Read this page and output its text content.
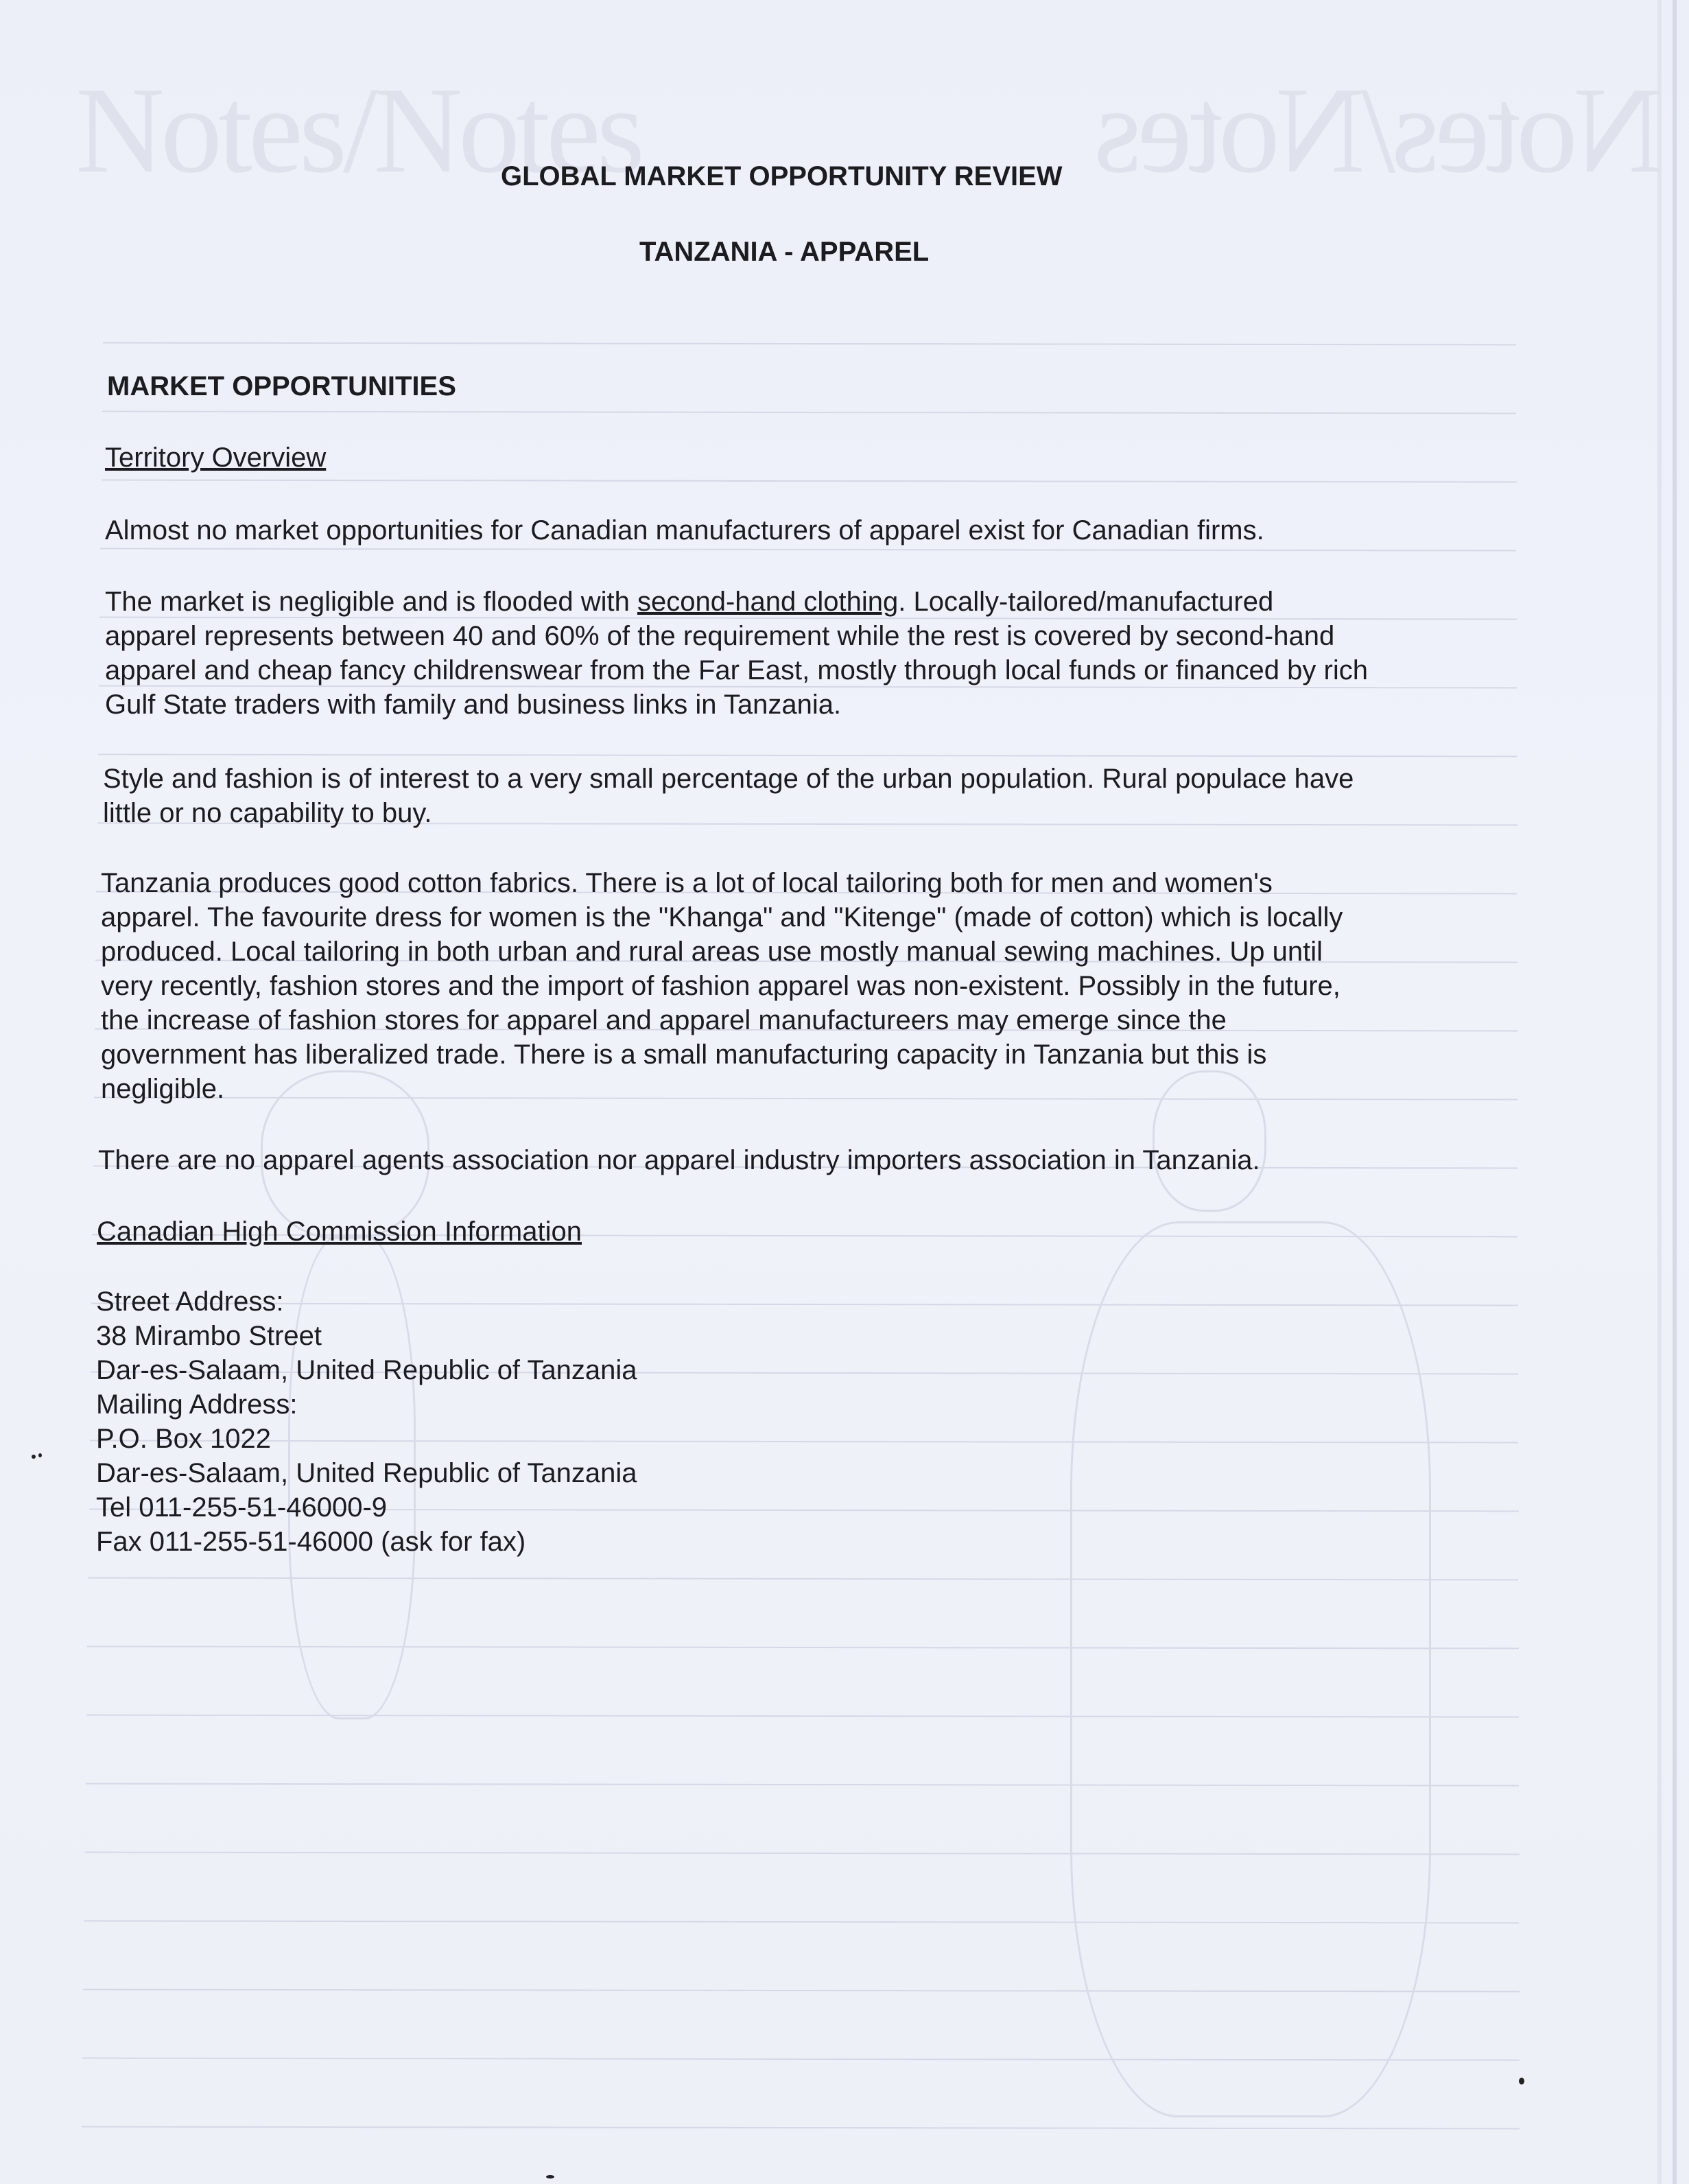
Notes/Notes	Notes/Notes
GLOBAL MARKET OPPORTUNITY REVIEW
TANZANIA - APPAREL
MARKET OPPORTUNITIES
Territory Overview
Almost no market opportunities for Canadian manufacturers of apparel exist for Canadian firms.
The market is negligible and is flooded with second-hand clothing. Locally-tailored/manufactured
apparel represents between 40 and 60% of the requirement while the rest is covered by second-hand
apparel and cheap fancy childrenswear from the Far East, mostly through local funds or financed by rich
Gulf State traders with family and business links in Tanzania.
Style and fashion is of interest to a very small percentage of the urban population. Rural populace have
little or no capability to buy.
Tanzania produces good cotton fabrics. There is a lot of local tailoring both for men and women's
apparel. The favourite dress for women is the "Khanga" and "Kitenge" (made of cotton) which is locally
produced. Local tailoring in both urban and rural areas use mostly manual sewing machines. Up until
very recently, fashion stores and the import of fashion apparel was non-existent. Possibly in the future,
the increase of fashion stores for apparel and apparel manufactureers may emerge since the
government has liberalized trade. There is a small manufacturing capacity in Tanzania but this is
negligible.
There are no apparel agents association nor apparel industry importers association in Tanzania.
Canadian High Commission Information
Street Address:
38 Mirambo Street
Dar-es-Salaam, United Republic of Tanzania
Mailing Address:
P.O. Box 1022
Dar-es-Salaam, United Republic of Tanzania
Tel 011-255-51-46000-9
Fax 011-255-51-46000 (ask for fax)
